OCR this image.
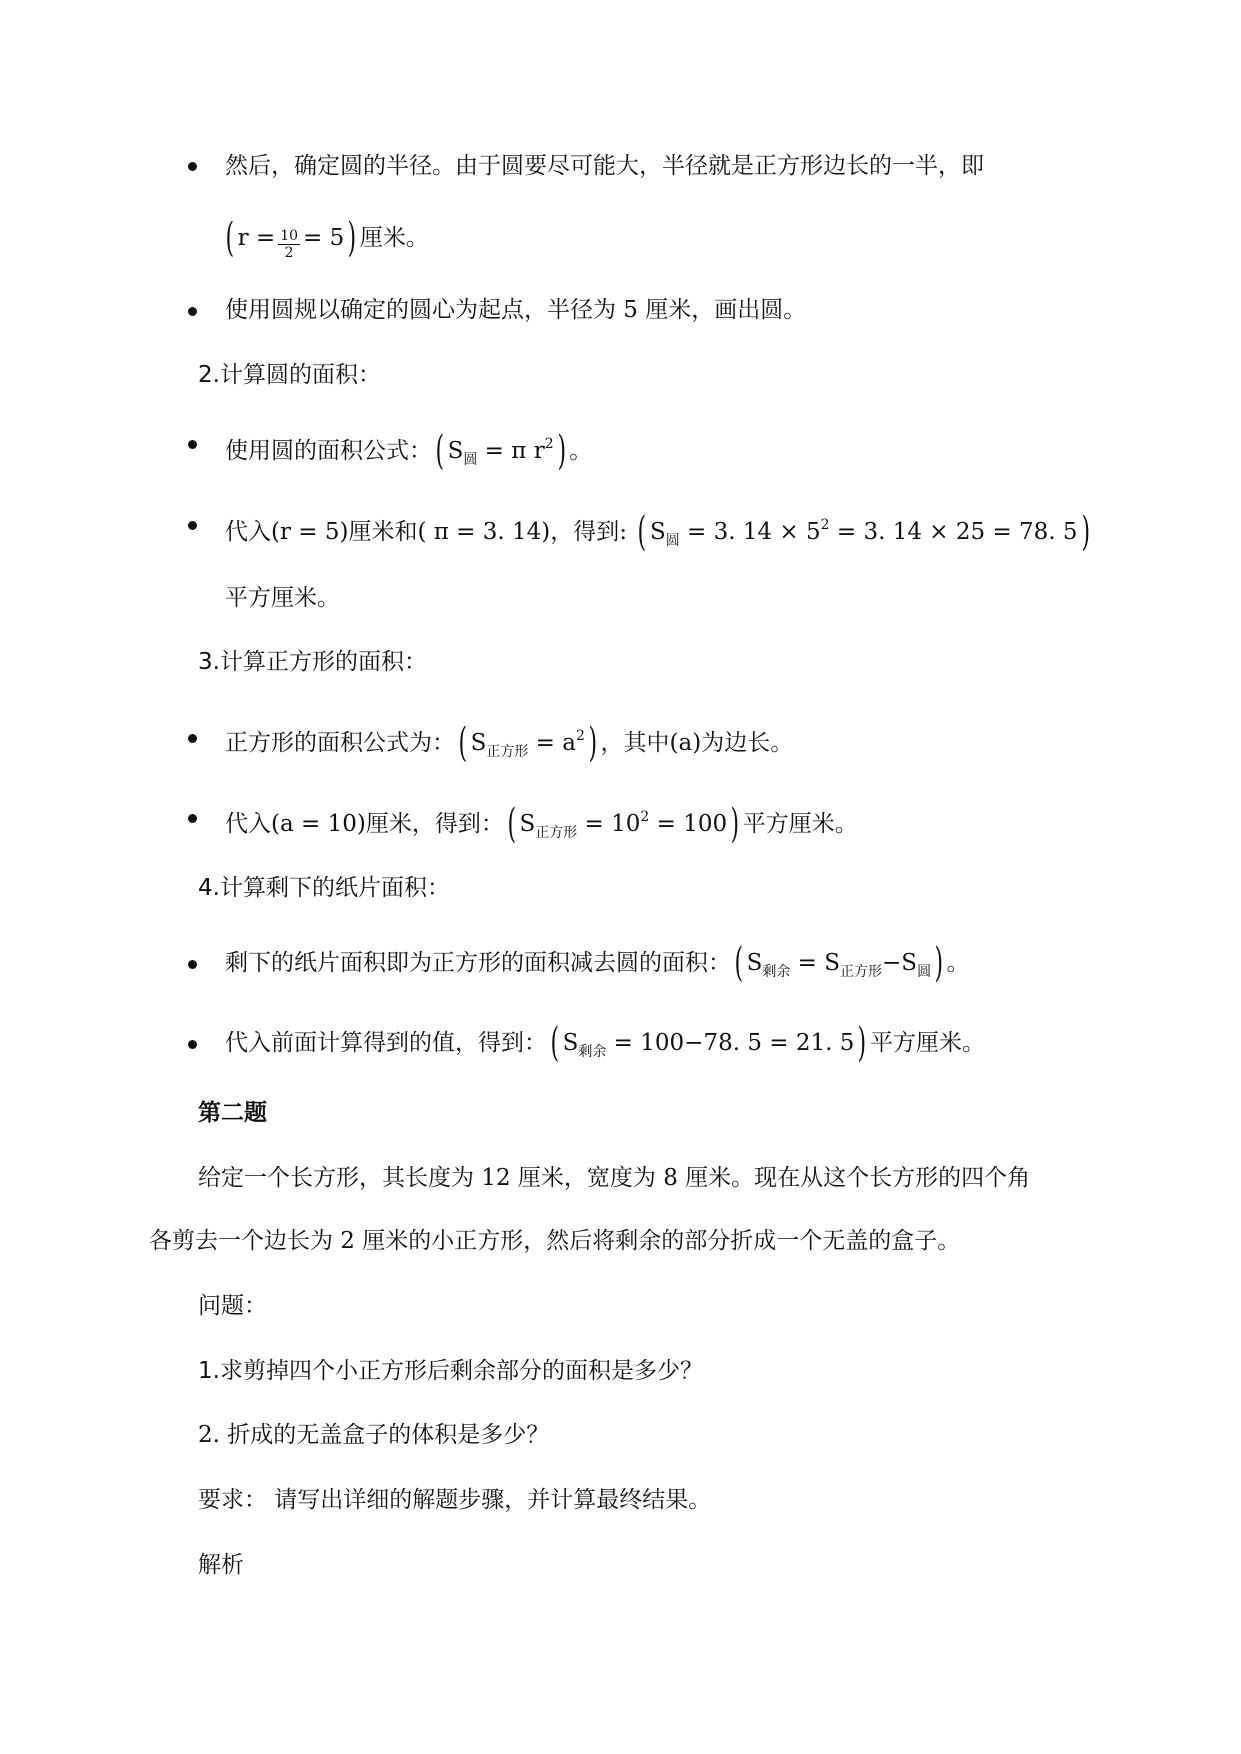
然后，确定圆的半径。由于圆要尽可能大，半径就是正方形边长的一半，即
( $r = \frac{10}{2} = 5$) 厘米。
使用圆规以确定的圆心为起点，半径为 5 厘米，画出圆。
2.计算圆的面积：
使用圆的面积公式：( $S_圆 = \pi$ $r^2$) 。
代入(r = 5)厘米和( π = 3. 14)，得到: ( $S_圆 = 3$. $14 \times 5^2 = 3$. 14 × 25 = 78. 5)
平方厘米。
3.计算正方形的面积：
正方形的面积公式为：( $S_{正方形} = a^2$) ，其中(a)为边长。
代入(a = 10)厘米，得到：( $S_{正方形} = 10^2 = 100$) 平方厘米。
4.计算剩下的纸片面积：
剩下的纸片面积即为正方形的面积减去圆的面积：( $S_{剩余} = S_{正方形}-S_圆$) 。
代入前面计算得到的值，得到：( $S_{剩余} = 100-78$. 5 = 21. 5) 平方厘米。
第二题
给定一个长方形，其长度为 12 厘米，宽度为 8 厘米。现在从这个长方形的四个角
各剪去一个边长为 2 厘米的小正方形，然后将剩余的部分折成一个无盖的盒子。
问题：
1.求剪掉四个小正方形后剩余部分的面积是多少？
2. 折成的无盖盒子的体积是多少？
要求： 请写出详细的解题步骤，并计算最终结果。
解析
